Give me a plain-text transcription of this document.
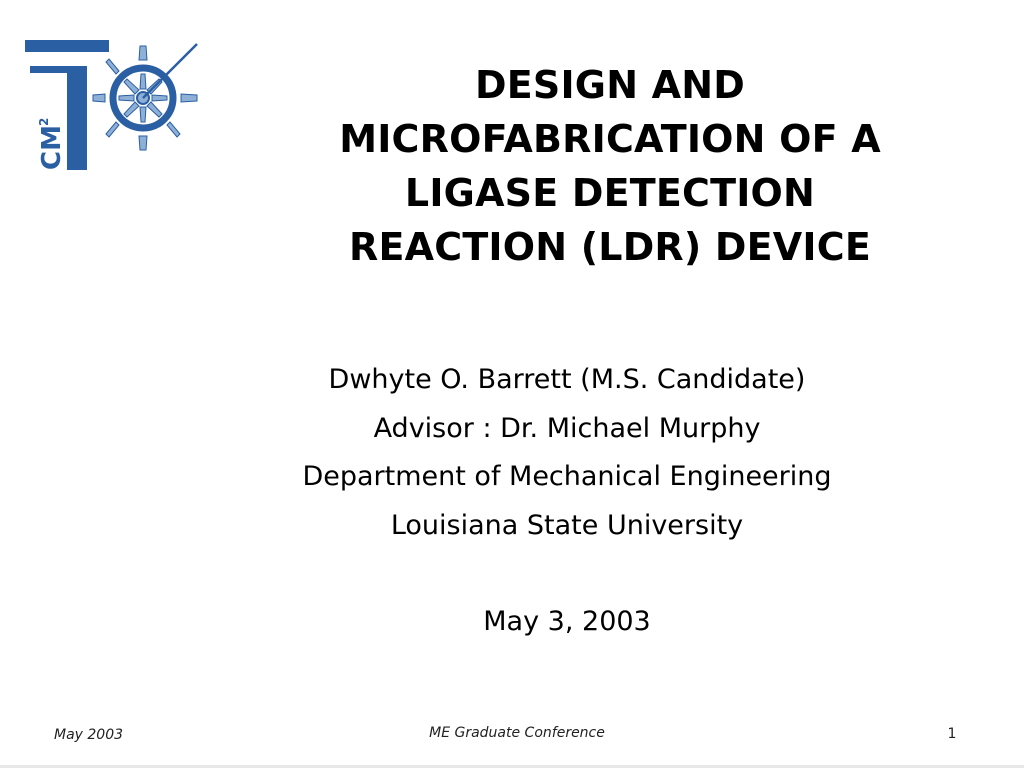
CM
2
DESIGN AND
MICROFABRICATION OF A
LIGASE DETECTION
REACTION (LDR) DEVICE
Dwhyte O. Barrett (M.S. Candidate)
Advisor : Dr. Michael Murphy
Department of Mechanical Engineering
Louisiana State University
May 3, 2003
May 2003	ME Graduate Conference	1
